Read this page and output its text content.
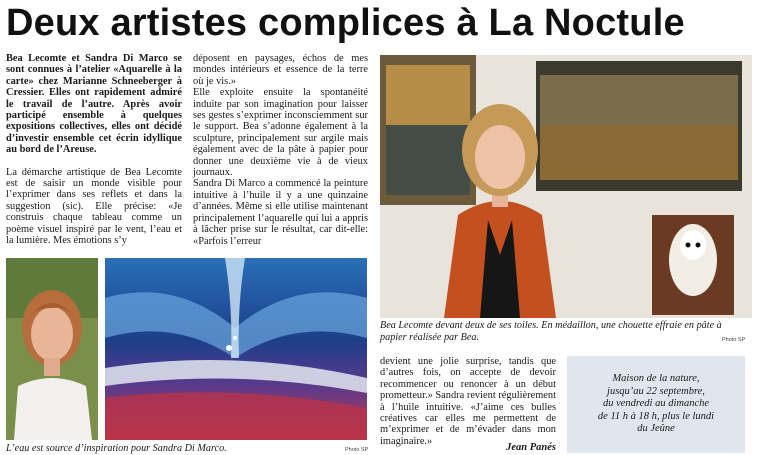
Deux artistes complices à La Noctule

Bea Lecomte et Sandra Di Marco se sont connues à l’atelier «Aquarelle à la carte» chez Marianne Schneeberger à Cressier. Elles ont rapidement admiré le travail de l’autre. Après avoir participé ensemble à quelques expositions collectives, elles ont décidé d’investir ensemble cet écrin idyllique au bord de l’Areuse.

La démarche artistique de Bea Lecomte est de saisir un monde visible pour l’exprimer dans ses reflets et dans la suggestion (sic). Elle précise: «Je construis chaque tableau comme un poème visuel inspiré par le vent, l’eau et la lumière. Mes émotions s’y

déposent en paysages, échos de mes mondes intérieurs et essence de la terre où je vis.»

Elle exploite ensuite la spontanéité induite par son imagination pour laisser ses gestes s’exprimer inconsciemment sur le support. Bea s’adonne également à la sculpture, principalement sur argile mais également avec de la pâte à papier pour donner une deuxième vie à de vieux journaux.

Sandra Di Marco a commencé la peinture intuitive à l’huile il y a une quinzaine d’années. Même si elle utilise maintenant principalement l’aquarelle qui lui a appris à lâcher prise sur le résultat, car dit-elle: «Parfois l’erreur

L’eau est source d’inspiration pour Sandra Di Marco.	Photo SP
Bea Lecomte devant deux de ses toiles. En médaillon, une chouette effraie en pâte à papier réalisée par Bea.	Photo SP

devient une jolie surprise, tandis que d’autres fois, on accepte de devoir recommencer ou renoncer à un début prometteur.» Sandra revient régulièrement à l’huile intuitive. «J’aime ces bulles créatives car elles me permettent de m’exprimer et de m’évader dans mon imaginaire.»

Jean Panés
Maison de la nature,
jusqu’au 22 septembre,
du vendredi au dimanche
de 11 h à 18 h, plus le lundi
du Jeûne
